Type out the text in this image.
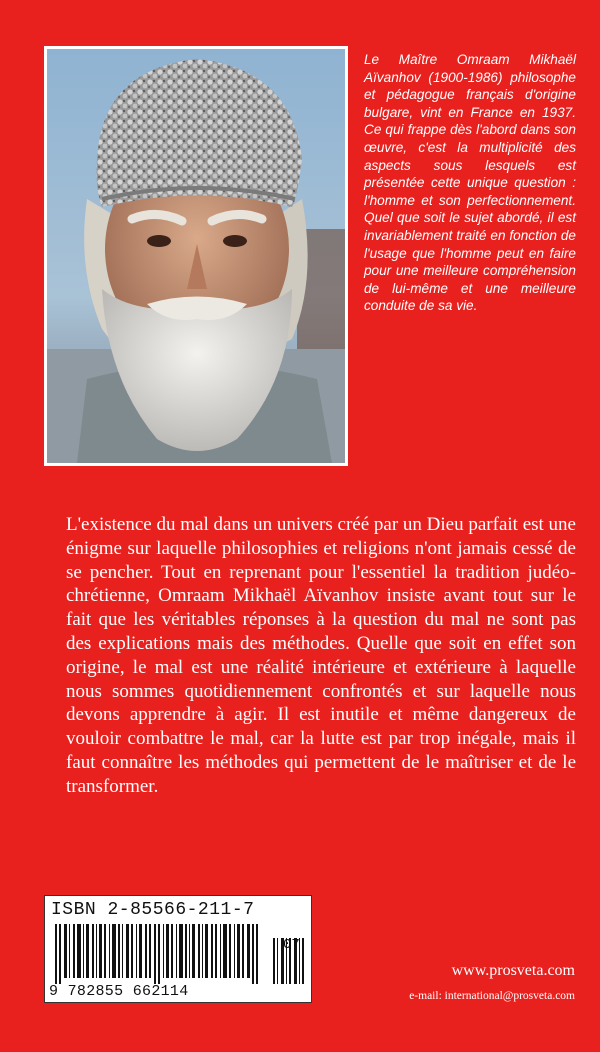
Le Maître Omraam Mikhaël Aïvanhov (1900-1986) philosophe et pédagogue français d'origine bulgare, vint en France en 1937. Ce qui frappe dès l'abord dans son œuvre, c'est la multiplicité des aspects sous lesquels est présentée cette unique question : l'homme et son perfectionnement. Quel que soit le sujet abordé, il est invariablement traité en fonction de l'usage que l'homme peut en faire pour une meilleure compréhension de lui-même et une meilleure conduite de sa vie.
L'existence du mal dans un univers créé par un Dieu parfait est une énigme sur laquelle philosophies et religions n'ont jamais cessé de se pencher. Tout en reprenant pour l'essentiel la tradition judéo-chrétienne, Omraam Mikhaël Aïvanhov insiste avant tout sur le fait que les véritables réponses à la question du mal ne sont pas des explications mais des méthodes. Quelle que soit en effet son origine, le mal est une réalité intérieure et extérieure à laquelle nous sommes quotidiennement confrontés et sur laquelle nous devons apprendre à agir. Il est inutile et même dangereux de vouloir combattre le mal, car la lutte est par trop inégale, mais il faut connaître les méthodes qui permettent de le maîtriser et de le transformer.
ISBN 2-85566-211-7
07
9 782855 662114
www.prosveta.com
e-mail: international@prosveta.com
